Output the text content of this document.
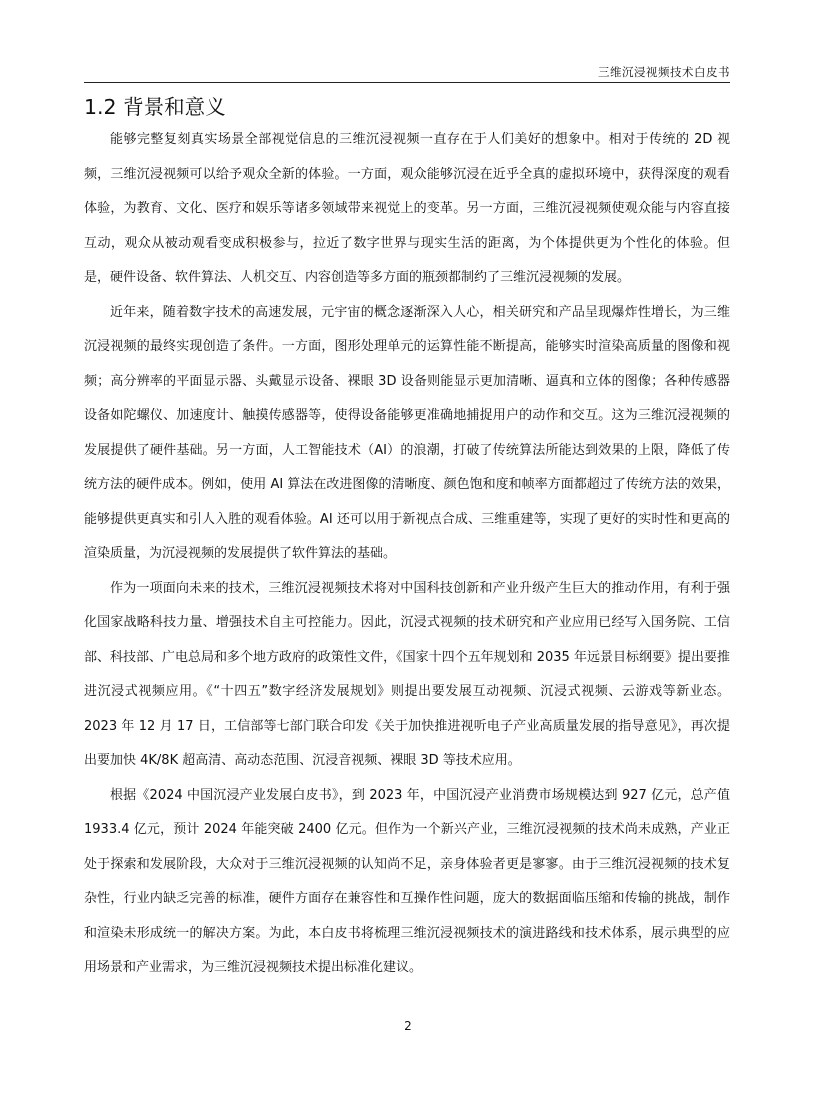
三维沉浸视频技术白皮书
1.2 背景和意义

能够完整复刻真实场景全部视觉信息的三维沉浸视频一直存在于人们美好的想象中。相对于传统的 2D 视频，三维沉浸视频可以给予观众全新的体验。一方面，观众能够沉浸在近乎全真的虚拟环境中，获得深度的观看体验，为教育、文化、医疗和娱乐等诸多领域带来视觉上的变革。另一方面，三维沉浸视频使观众能与内容直接互动，观众从被动观看变成积极参与，拉近了数字世界与现实生活的距离，为个体提供更为个性化的体验。但是，硬件设备、软件算法、人机交互、内容创造等多方面的瓶颈都制约了三维沉浸视频的发展。

近年来，随着数字技术的高速发展，元宇宙的概念逐渐深入人心，相关研究和产品呈现爆炸性增长，为三维沉浸视频的最终实现创造了条件。一方面，图形处理单元的运算性能不断提高，能够实时渲染高质量的图像和视频；高分辨率的平面显示器、头戴显示设备、裸眼 3D 设备则能显示更加清晰、逼真和立体的图像；各种传感器设备如陀螺仪、加速度计、触摸传感器等，使得设备能够更准确地捕捉用户的动作和交互。这为三维沉浸视频的发展提供了硬件基础。另一方面，人工智能技术（AI）的浪潮，打破了传统算法所能达到效果的上限，降低了传统方法的硬件成本。例如，使用 AI 算法在改进图像的清晰度、颜色饱和度和帧率方面都超过了传统方法的效果，能够提供更真实和引人入胜的观看体验。AI 还可以用于新视点合成、三维重建等，实现了更好的实时性和更高的渲染质量，为沉浸视频的发展提供了软件算法的基础。

作为一项面向未来的技术，三维沉浸视频技术将对中国科技创新和产业升级产生巨大的推动作用，有利于强化国家战略科技力量、增强技术自主可控能力。因此，沉浸式视频的技术研究和产业应用已经写入国务院、工信部、科技部、广电总局和多个地方政府的政策性文件，《国家十四个五年规划和 2035 年远景目标纲要》提出要推进沉浸式视频应用。《“十四五”数字经济发展规划》则提出要发展互动视频、沉浸式视频、云游戏等新业态。2023 年 12 月 17 日，工信部等七部门联合印发《关于加快推进视听电子产业高质量发展的指导意见》，再次提出要加快 4K/8K 超高清、高动态范围、沉浸音视频、裸眼 3D 等技术应用。

根据《2024 中国沉浸产业发展白皮书》，到 2023 年，中国沉浸产业消费市场规模达到 927 亿元，总产值 1933.4 亿元，预计 2024 年能突破 2400 亿元。但作为一个新兴产业，三维沉浸视频的技术尚未成熟，产业正处于探索和发展阶段，大众对于三维沉浸视频的认知尚不足，亲身体验者更是寥寥。由于三维沉浸视频的技术复杂性，行业内缺乏完善的标准，硬件方面存在兼容性和互操作性问题，庞大的数据面临压缩和传输的挑战，制作和渲染未形成统一的解决方案。为此，本白皮书将梳理三维沉浸视频技术的演进路线和技术体系，展示典型的应用场景和产业需求，为三维沉浸视频技术提出标准化建议。

2
